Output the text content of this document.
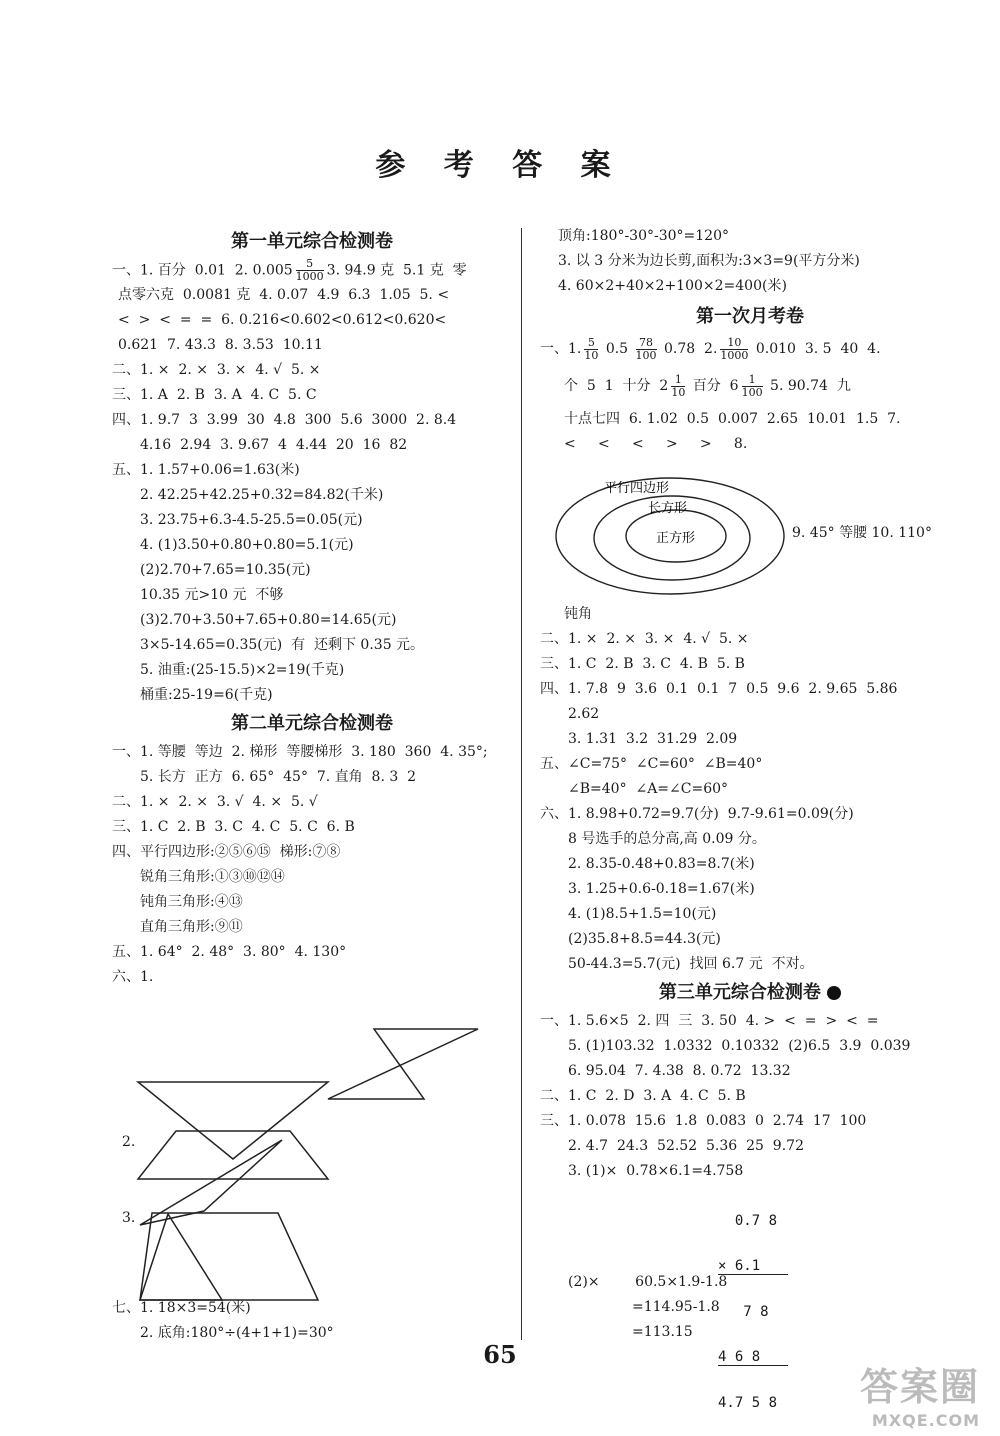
参 考 答 案
第一单元综合检测卷
一、1. 百分  0.01  2. $0.005 \frac{5}{1000} 3$. 94.9 克  5.1 克  零
点零六克  0.0081 克  4. 0.07  4.9  6.3  1.05  5. <
<  >  <  =  =  6. 0.216<0.602<0.612<0.620<
0.621  7. 43.3  8. 3.53  10.11
二、1. ×  2. ×  3. ×  4. √  5. ×
三、1. A  2. B  3. A  4. C  5. C
四、1. 9.7  3  3.99  30  4.8  300  5.6  3000  2. 8.4
4.16  2.94  3. 9.67  4  4.44  20  16  82
五、1. 1.57+0.06=1.63(米)
2. 42.25+42.25+0.32=84.82(千米)
3. 23.75+6.3-4.5-25.5=0.05(元)
4. (1)3.50+0.80+0.80=5.1(元)
(2)2.70+7.65=10.35(元)
10.35 元>10 元  不够
(3)2.70+3.50+7.65+0.80=14.65(元)
3×5-14.65=0.35(元)  有  还剩下 0.35 元。
5. 油重:(25-15.5)×2=19(千克)
桶重:25-19=6(千克)
第二单元综合检测卷
一、1. 等腰  等边  2. 梯形  等腰梯形  3. 180  360  4. 35°;
5. 长方  正方  6. 65°  45°  7. 直角  8. 3  2
二、1. ×  2. ×  3. √  4. ×  5. √
三、1. C  2. B  3. C  4. C  5. C  6. B
四、平行四边形:②⑤⑥⑮  梯形:⑦⑧
锐角三角形:①③⑩⑫⑭
钝角三角形:④⑬
直角三角形:⑨⑪
五、1. 64°  2. 48°  3. 80°  4. 130°
六、1.
2.
3.
七、1. 18×3=54(米)
2. 底角:180°÷(4+1+1)=30°
顶角:180°-30°-30°=120°
3. 以 3 分米为边长剪,面积为:3×3=9(平方分米)
4. 60×2+40×2+100×2=400(米)
第一次月考卷
一、1. $\frac{5}{10} 0.5 \frac{78}{100} 0.78$  2. $\frac{10}{1000} 0.010$  3. 5  40  4.
个  5  1  十分  $2 \frac{1}{10}$ 百分  $6 \frac{1}{100} 5$. 90.74  九
十点七四  6. 1.02  0.5  0.007  2.65  10.01  1.5  7.
<     <     <     >     >     8.
平行四边形
长方形
正方形	9. 45° 等腰 10. 110°
钝角
二、1. ×  2. ×  3. ×  4. √  5. ×
三、1. C  2. B  3. C  4. B  5. B
四、1. 7.8  9  3.6  0.1  0.1  7  0.5  9.6  2. 9.65  5.86
2.62
3. 1.31  3.2  31.29  2.09
五、∠C=75°  ∠C=60°  ∠B=40°
∠B=40°  ∠A=∠C=60°
六、1. 8.98+0.72=9.7(分)  9.7-9.61=0.09(分)
8 号选手的总分高,高 0.09 分。
2. 8.35-0.48+0.83=8.7(米)
3. 1.25+0.6-0.18=1.67(米)
4. (1)8.5+1.5=10(元)
(2)35.8+8.5=44.3(元)
50-44.3=5.7(元)  找回 6.7 元  不对。
第三单元综合检测卷
一、1. 5.6×5  2. 四  三  3. 50  4. >  <  =  >  <  =
5. (1)103.32  1.0332  0.10332  (2)6.5  3.9  0.039
6. 95.04  7. 4.38  8. 0.72  13.32
二、1. C  2. D  3. A  4. C  5. B
三、1. 0.078  15.6  1.8  0.083  0  2.74  17  100
2. 4.7  24.3  52.52  5.36  25  9.72
3. (1)×  0.78×6.1=4.758

0.7 8

× 6.1

7 8

4 6 8

4.7 5 8

(2)×        60.5×1.9-1.8
=114.95-1.8
=113.15
65
答案圈
MXQE.COM
